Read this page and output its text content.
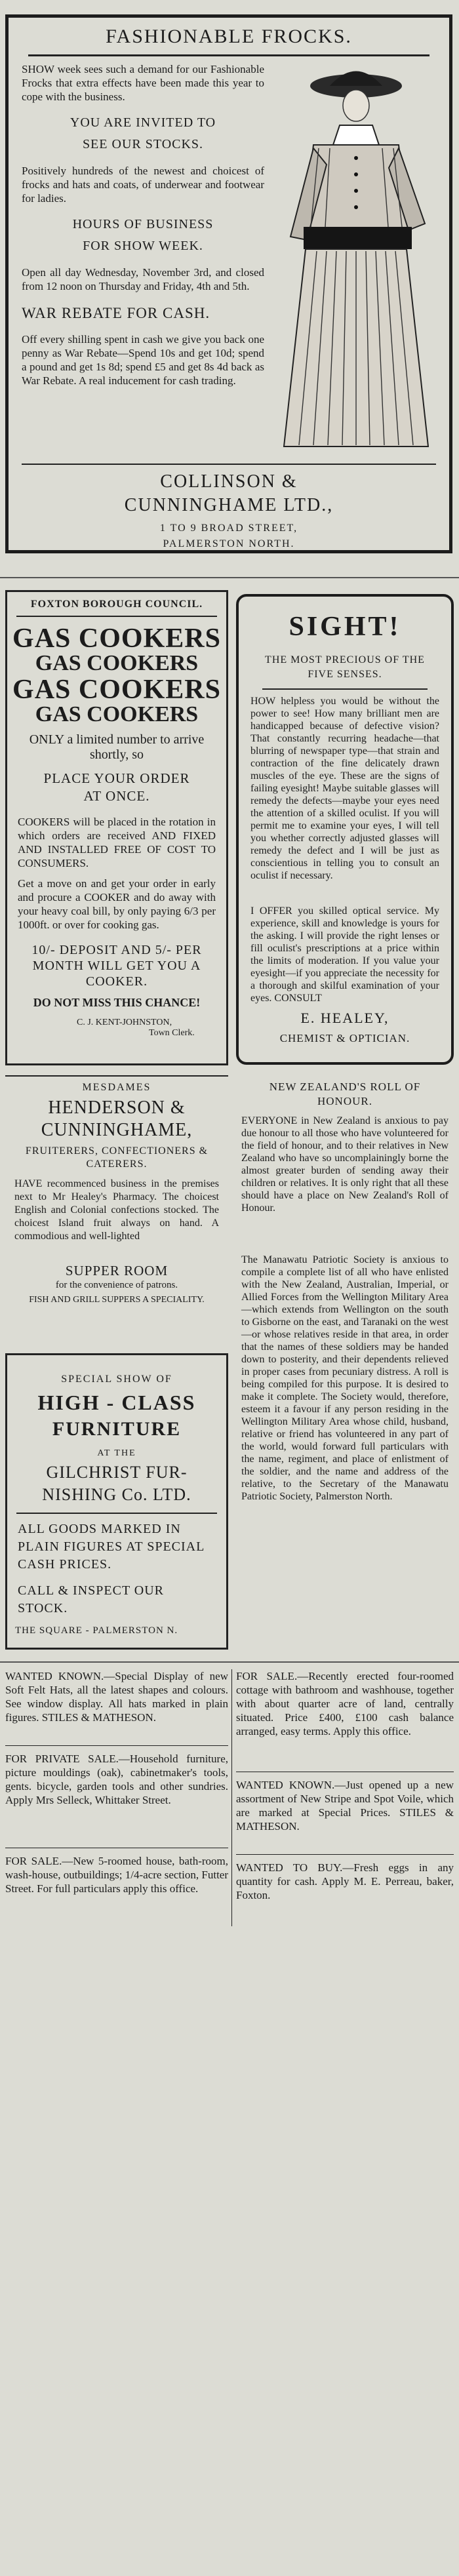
FASHIONABLE FROCKS.

SHOW week sees such a demand for our Fashionable Frocks that extra effects have been made this year to cope with the business.

YOU ARE INVITED TO

SEE OUR STOCKS.

Positively hundreds of the newest and choicest of frocks and hats and coats, of underwear and footwear for ladies.

HOURS OF BUSINESS

FOR SHOW WEEK.

Open all day Wednesday, November 3rd, and closed from 12 noon on Thursday and Friday, 4th and 5th.

WAR REBATE FOR CASH.

Off every shilling spent in cash we give you back one penny as War Rebate—Spend 10s and get 10d; spend a pound and get 1s 8d; spend £5 and get 8s 4d back as War Rebate. A real inducement for cash trading.

COLLINSON &

CUNNINGHAME LTD.,

1 TO 9 BROAD STREET,

PALMERSTON NORTH.

FOXTON BOROUGH COUNCIL.

GAS COOKERS

GAS COOKERS

GAS COOKERS

GAS COOKERS

ONLY a limited number to arrive shortly, so

PLACE YOUR ORDER

AT ONCE.

COOKERS will be placed in the rotation in which orders are received AND FIXED AND INSTALLED FREE OF COST TO CONSUMERS.

Get a move on and get your order in early and procure a COOKER and do away with your heavy coal bill, by only paying 6/3 per 1000ft. or over for cooking gas.

10/- DEPOSIT AND 5/- PER MONTH WILL GET YOU A COOKER.

DO NOT MISS THIS CHANCE!

C. J. KENT-JOHNSTON,

Town Clerk.

SIGHT!

THE MOST PRECIOUS OF THE FIVE SENSES.

HOW helpless you would be without the power to see! How many brilliant men are handicapped because of defective vision? That constantly recurring headache—that blurring of newspaper type—that strain and contraction of the fine delicately drawn muscles of the eye. These are the signs of failing eyesight! Maybe suitable glasses will remedy the defects—maybe your eyes need the attention of a skilled oculist. If you will permit me to examine your eyes, I will tell you whether correctly adjusted glasses will remedy the defect and I will be just as conscientious in telling you to consult an oculist if necessary.

I OFFER you skilled optical service. My experience, skill and knowledge is yours for the asking. I will provide the right lenses or fill oculist's prescriptions at a price within the limits of moderation. If you value your eyesight—if you appreciate the necessity for a thorough and skilful examination of your eyes. CONSULT

E. HEALEY,

CHEMIST & OPTICIAN.

MESDAMES

HENDERSON &

CUNNINGHAME,

FRUITERERS, CONFECTIONERS & CATERERS.

HAVE recommenced business in the premises next to Mr Healey's Pharmacy. The choicest English and Colonial confections stocked. The choicest Island fruit always on hand. A commodious and well-lighted

SUPPER ROOM

for the convenience of patrons.

FISH AND GRILL SUPPERS A SPECIALITY.

NEW ZEALAND'S ROLL OF

HONOUR.

EVERYONE in New Zealand is anxious to pay due honour to all those who have volunteered for the field of honour, and to their relatives in New Zealand who have so uncomplainingly borne the almost greater burden of sending away their children or relatives. It is only right that all these should have a place on New Zealand's Roll of Honour.

The Manawatu Patriotic Society is anxious to compile a complete list of all who have enlisted with the New Zealand, Australian, Imperial, or Allied Forces from the Wellington Military Area—which extends from Wellington on the south to Gisborne on the east, and Taranaki on the west—or whose relatives reside in that area, in order that the names of these soldiers may be handed down to posterity, and their dependents relieved in proper cases from pecuniary distress. A roll is being compiled for this purpose. It is desired to make it complete. The Society would, therefore, esteem it a favour if any person residing in the Wellington Military Area whose child, husband, relative or friend has volunteered in any part of the world, would forward full particulars with the name, regiment, and place of enlistment of the soldier, and the name and address of the relative, to the Secretary of the Manawatu Patriotic Society, Palmerston North.

SPECIAL SHOW OF

HIGH - CLASS

FURNITURE

AT THE

GILCHRIST FUR-

NISHING Co. LTD.

ALL GOODS MARKED IN PLAIN FIGURES AT SPECIAL CASH PRICES.

CALL & INSPECT OUR STOCK.

THE SQUARE - PALMERSTON N.

WANTED KNOWN.—Special Display of new Soft Felt Hats, all the latest shapes and colours. See window display. All hats marked in plain figures. STILES & MATHESON.

FOR SALE.—Recently erected four-roomed cottage with bathroom and washhouse, together with about quarter acre of land, centrally situated. Price £400, £100 cash balance arranged, easy terms. Apply this office.

FOR PRIVATE SALE.—Household furniture, picture mouldings (oak), cabinetmaker's tools, gents. bicycle, garden tools and other sundries. Apply Mrs Selleck, Whittaker Street.

WANTED KNOWN.—Just opened up a new assortment of New Stripe and Spot Voile, which are marked at Special Prices. STILES & MATHESON.

FOR SALE.—New 5-roomed house, bath-room, wash-house, outbuildings; 1/4-acre section, Futter Street. For full particulars apply this office.

WANTED TO BUY.—Fresh eggs in any quantity for cash. Apply M. E. Perreau, baker, Foxton.
